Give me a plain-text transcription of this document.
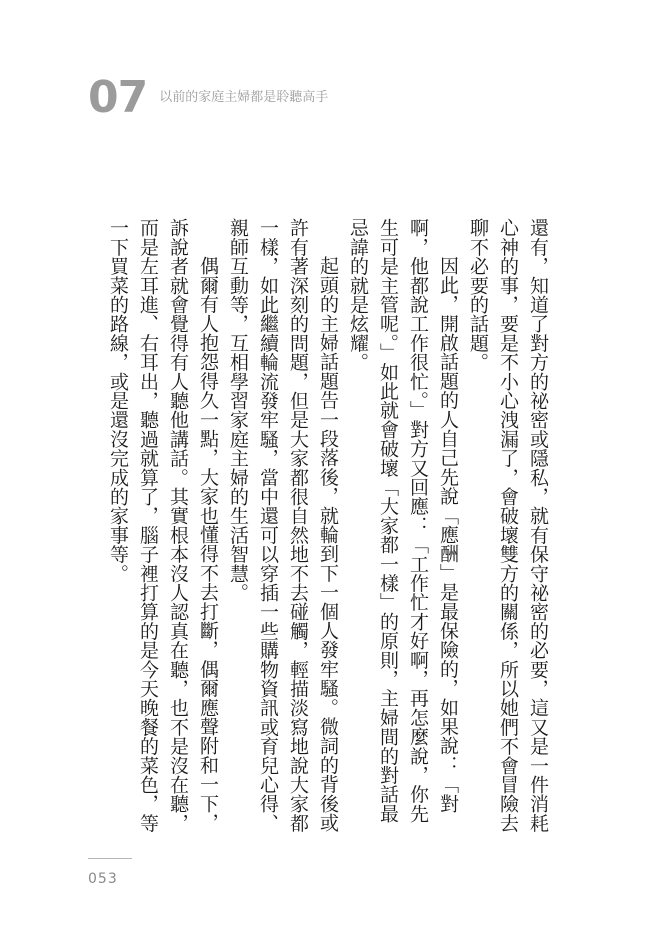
07 以前的家庭主婦都是聆聽高手

還有，知道了對方的祕密或隱私，就有保守祕密的必要，這又是一件消耗心神的事，要是不小心洩漏了，會破壞雙方的關係，所以她們不會冒險去聊不必要的話題。

因此，開啟話題的人自己先說「應酬」是最保險的，如果說：「對啊，他都說工作很忙。」對方又回應：「工作忙才好啊，再怎麼說，你先生可是主管呢。」如此就會破壞「大家都一樣」的原則，主婦間的對話最忌諱的就是炫耀。

起頭的主婦話題告一段落後，就輪到下一個人發牢騷。微詞的背後或許有著深刻的問題，但是大家都很自然地不去碰觸，輕描淡寫地說大家都一樣，如此繼續輪流發牢騷，當中還可以穿插一些購物資訊或育兒心得、親師互動等，互相學習家庭主婦的生活智慧。

偶爾有人抱怨得久一點，大家也懂得不去打斷，偶爾應聲附和一下，訴說者就會覺得有人聽他講話。其實根本沒人認真在聽，也不是沒在聽，而是左耳進、右耳出，聽過就算了，腦子裡打算的是今天晚餐的菜色，等一下買菜的路線，或是還沒完成的家事等。

053
